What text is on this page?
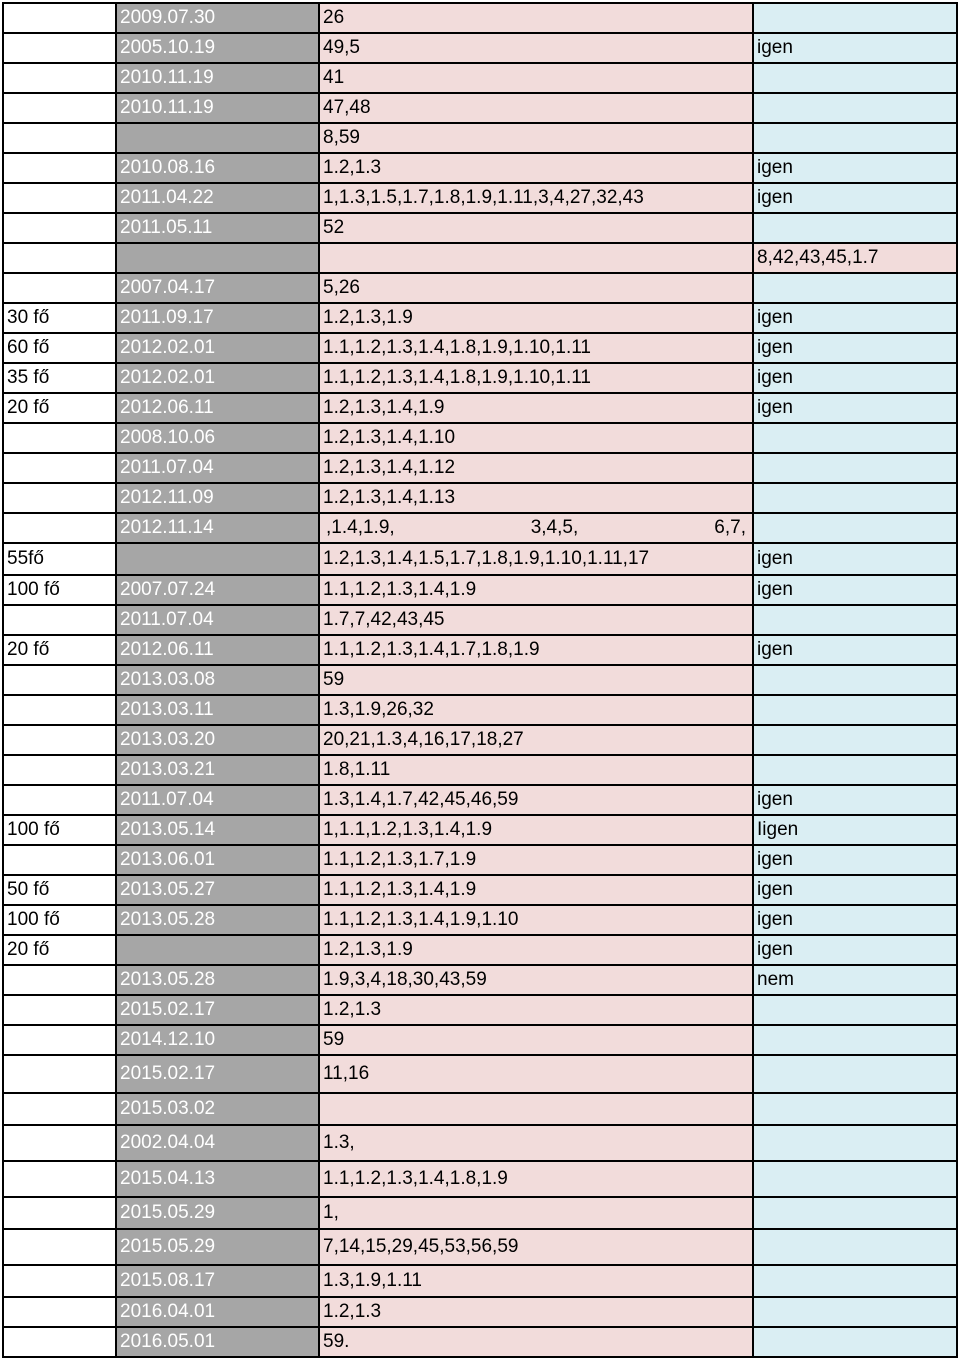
	2009.07.30	26	
	2005.10.19	49,5	igen
	2010.11.19	41	
	2010.11.19	47,48	
		8,59	
	2010.08.16	1.2,1.3	igen
	2011.04.22	1,1.3,1.5,1.7,1.8,1.9,1.11,3,4,27,32,43	igen
	2011.05.11	52	
			8,42,43,45,1.7
	2007.04.17	5,26	
30 fő	2011.09.17	1.2,1.3,1.9	igen
60 fő	2012.02.01	1.1,1.2,1.3,1.4,1.8,1.9,1.10,1.11	igen
35 fő	2012.02.01	1.1,1.2,1.3,1.4,1.8,1.9,1.10,1.11	igen
20 fő	2012.06.11	1.2,1.3,1.4,1.9	igen
	2008.10.06	1.2,1.3,1.4,1.10	
	2011.07.04	1.2,1.3,1.4,1.12	
	2012.11.09	1.2,1.3,1.4,1.13	
	2012.11.14	,1.4,1.9, 3,4,5, 6,7,	

55fő		1.2,1.3,1.4,1.5,1.7,1.8,1.9,1.10,1.11,17	igen
100 fő	2007.07.24	1.1,1.2,1.3,1.4,1.9	igen
	2011.07.04	1.7,7,42,43,45	
20 fő	2012.06.11	1.1,1.2,1.3,1.4,1.7,1.8,1.9	igen
	2013.03.08	59	
	2013.03.11	1.3,1.9,26,32	
	2013.03.20	20,21,1.3,4,16,17,18,27	
	2013.03.21	1.8,1.11	
	2011.07.04	1.3,1.4,1.7,42,45,46,59	igen
100 fő	2013.05.14	1,1.1,1.2,1.3,1.4,1.9	Iigen
	2013.06.01	1.1,1.2,1.3,1.7,1.9	igen
50 fő	2013.05.27	1.1,1.2,1.3,1.4,1.9	igen
100 fő	2013.05.28	1.1,1.2,1.3,1.4,1.9,1.10	igen
20 fő		1.2,1.3,1.9	igen
	2013.05.28	1.9,3,4,18,30,43,59	nem
	2015.02.17	1.2,1.3	
	2014.12.10	59	
	2015.02.17	11,16	
	2015.03.02		
	2002.04.04	1.3,	
	2015.04.13	1.1,1.2,1.3,1.4,1.8,1.9	
	2015.05.29	1,	
	2015.05.29	7,14,15,29,45,53,56,59	
	2015.08.17	1.3,1.9,1.11	
	2016.04.01	1.2,1.3	
	2016.05.01	59.	
